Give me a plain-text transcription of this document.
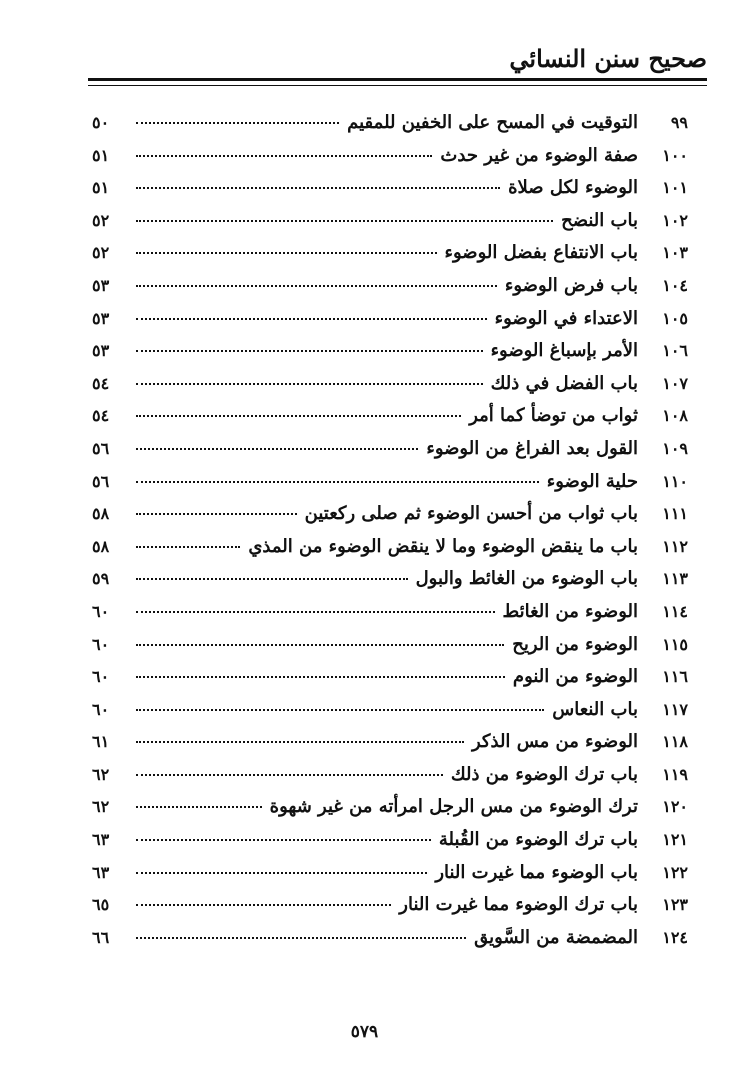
صحيح سنن النسائي
٩٩
التوقيت في المسح على الخفين للمقيم
٥٠
١٠٠
صفة الوضوء من غير حدث
٥١
١٠١
الوضوء لكل صلاة
٥١
١٠٢
باب النضح
٥٢
١٠٣
باب الانتفاع بفضل الوضوء
٥٢
١٠٤
باب فرض الوضوء
٥٣
١٠٥
الاعتداء في الوضوء
٥٣
١٠٦
الأمر بإسباغ الوضوء
٥٣
١٠٧
باب الفضل في ذلك
٥٤
١٠٨
ثواب من توضأ كما أمر
٥٤
١٠٩
القول بعد الفراغ من الوضوء
٥٦
١١٠
حلية الوضوء
٥٦
١١١
باب ثواب من أحسن الوضوء ثم صلى ركعتين
٥٨
١١٢
باب ما ينقض الوضوء وما لا ينقض الوضوء من المذي
٥٨
١١٣
باب الوضوء من الغائط والبول
٥٩
١١٤
الوضوء من الغائط
٦٠
١١٥
الوضوء من الريح
٦٠
١١٦
الوضوء من النوم
٦٠
١١٧
باب النعاس
٦٠
١١٨
الوضوء من مس الذكر
٦١
١١٩
باب ترك الوضوء من ذلك
٦٢
١٢٠
ترك الوضوء من مس الرجل امرأته من غير شهوة
٦٢
١٢١
باب ترك الوضوء من القُبلة
٦٣
١٢٢
باب الوضوء مما غيرت النار
٦٣
١٢٣
باب ترك الوضوء مما غيرت النار
٦٥
١٢٤
المضمضة من السَّويق
٦٦
٥٧٩
